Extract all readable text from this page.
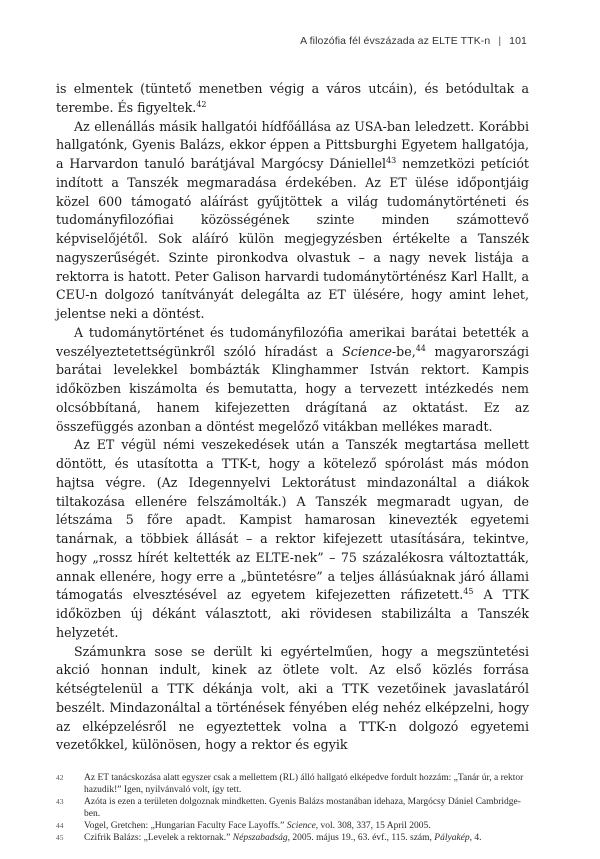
A filozófia fél évszázada az ELTE TTK-n | 101

is elmentek (tüntető menetben végig a város utcáin), és betódultak a terembe. És figyeltek.$^{42}$

Az ellenállás másik hallgatói hídfőállása az USA-ban leledzett. Korábbi hallgatónk, Gyenis Balázs, ekkor éppen a Pittsburghi Egyetem hallgatója, a Harvardon tanuló barátjával Margócsy Dániellel$^{43}$ nemzetközi petíciót indított a Tanszék megmaradása érdekében. Az ET ülése időpontjáig közel 600 támogató aláírást gyűjtöttek a világ tudománytörténeti és tudományfilozófiai közösségének szinte minden számottevő képviselőjétől. Sok aláíró külön megjegyzésben értékelte a Tanszék nagyszerűségét. Szinte pironkodva olvastuk – a nagy nevek listája a rektorra is hatott. Peter Galison harvardi tudománytörténész Karl Hallt, a CEU-n dolgozó tanítványát delegálta az ET ülésére, hogy amint lehet, jelentse neki a döntést.

A tudománytörténet és tudományfilozófia amerikai barátai betették a veszélyeztetettségünkről szóló híradást a Science-be,$^{44}$ magyarországi barátai levelekkel bombázták Klinghammer István rektort. Kampis időközben kiszámolta és bemutatta, hogy a tervezett intézkedés nem olcsóbbítaná, hanem kifejezetten drágítaná az oktatást. Ez az összefüggés azonban a döntést megelőző vitákban mellékes maradt.

Az ET végül némi veszekedések után a Tanszék megtartása mellett döntött, és utasította a TTK-t, hogy a kötelező spórolást más módon hajtsa végre. (Az Idegennyelvi Lektorátust mindazonáltal a diákok tiltakozása ellenére felszámolták.) A Tanszék megmaradt ugyan, de létszáma 5 főre apadt. Kampist hamarosan kinevezték egyetemi tanárnak, a többiek állását – a rektor kifejezett utasítására, tekintve, hogy „rossz hírét keltették az ELTE-nek” – 75 százalékosra változtatták, annak ellenére, hogy erre a „büntetésre” a teljes állásúaknak járó állami támogatás elvesztésével az egyetem kifejezetten ráfizetett.$^{45}$ A TTK időközben új dékánt választott, aki rövidesen stabilizálta a Tanszék helyzetét.

Számunkra sose se derült ki egyértelműen, hogy a megszüntetési akció honnan indult, kinek az ötlete volt. Az első közlés forrása kétségtelenül a TTK dékánja volt, aki a TTK vezetőinek javaslatáról beszélt. Mindazonáltal a történések fényében elég nehéz elképzelni, hogy az elképzelésről ne egyeztettek volna a TTK-n dolgozó egyetemi vezetőkkel, különösen, hogy a rektor és egyik

42 Az ET tanácskozása alatt egyszer csak a mellettem (RL) álló hallgató elképedve fordult hozzám: „Tanár úr, a rektor hazudik!” Igen, nyilvánvaló volt, így tett.
43 Azóta is ezen a területen dolgoznak mindketten. Gyenis Balázs mostanában idehaza, Margócsy Dániel Cambridge-ben.
44 Vogel, Gretchen: „Hungarian Faculty Face Layoffs.” Science, vol. 308, 337, 15 April 2005.
45 Czifrik Balázs: „Levelek a rektornak.” Népszabadság, 2005. május 19., 63. évf., 115. szám, Pályakép, 4.
